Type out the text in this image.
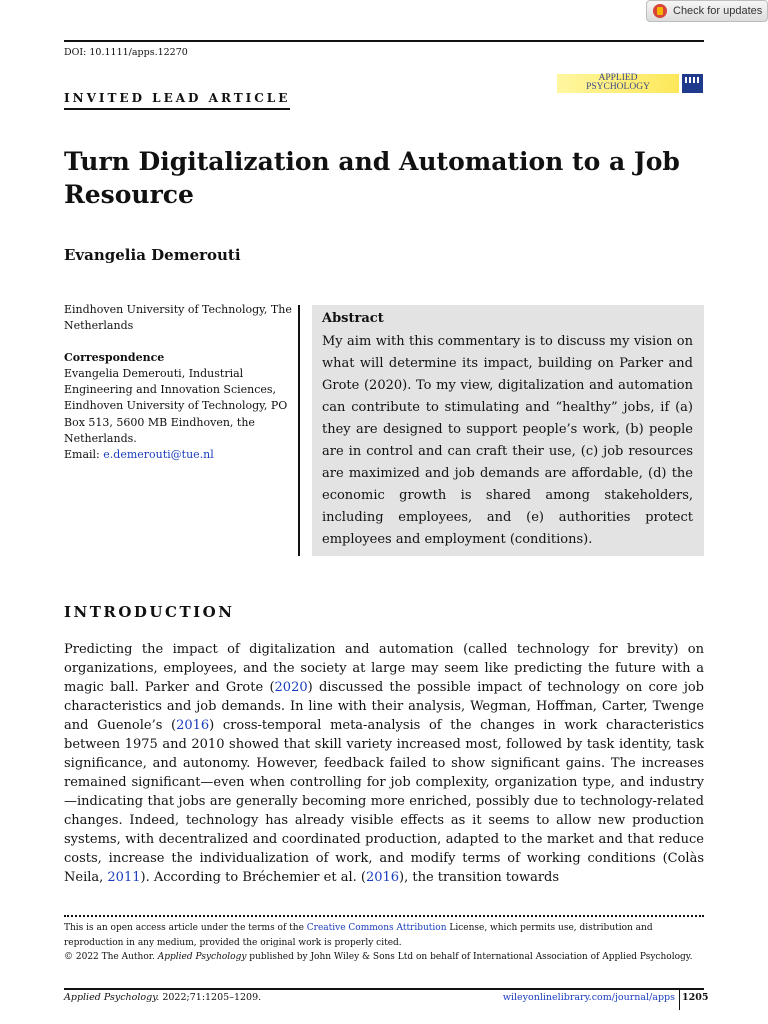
Check for updates
DOI: 10.1111/apps.12270
APPLIED
PSYCHOLOGY
INVITED LEAD ARTICLE
Turn Digitalization and Automation to a Job Resource
Evangelia Demerouti
Eindhoven University of Technology, The Netherlands
Correspondence
Evangelia Demerouti, Industrial Engineering and Innovation Sciences, Eindhoven University of Technology, PO Box 513, 5600 MB Eindhoven, the Netherlands.
Email: e.demerouti@tue.nl
Abstract
My aim with this commentary is to discuss my vision on what will determine its impact, building on Parker and Grote (2020). To my view, digitalization and automation can contribute to stimulating and “healthy” jobs, if (a) they are designed to support people’s work, (b) people are in control and can craft their use, (c) job resources are maximized and job demands are affordable, (d) the economic growth is shared among stakeholders, including employees, and (e) authorities protect employees and employment (conditions).
INTRODUCTION
Predicting the impact of digitalization and automation (called technology for brevity) on organizations, employees, and the society at large may seem like predicting the future with a magic ball. Parker and Grote (2020) discussed the possible impact of technology on core job characteristics and job demands. In line with their analysis, Wegman, Hoffman, Carter, Twenge and Guenole’s (2016) cross-temporal meta-analysis of the changes in work characteristics between 1975 and 2010 showed that skill variety increased most, followed by task identity, task significance, and autonomy. However, feedback failed to show significant gains. The increases remained significant—even when controlling for job complexity, organization type, and industry—indicating that jobs are generally becoming more enriched, possibly due to technology-related changes. Indeed, technology has already visible effects as it seems to allow new production systems, with decentralized and coordinated production, adapted to the market and that reduce costs, increase the individualization of work, and modify terms of working conditions (Colàs Neila, 2011). According to Bréchemier et al. (2016), the transition towards
This is an open access article under the terms of the Creative Commons Attribution License, which permits use, distribution and reproduction in any medium, provided the original work is properly cited.
© 2022 The Author. Applied Psychology published by John Wiley & Sons Ltd on behalf of International Association of Applied Psychology.
Applied Psychology. 2022;71:1205–1209.	wileyonlinelibrary.com/journal/apps 1205
